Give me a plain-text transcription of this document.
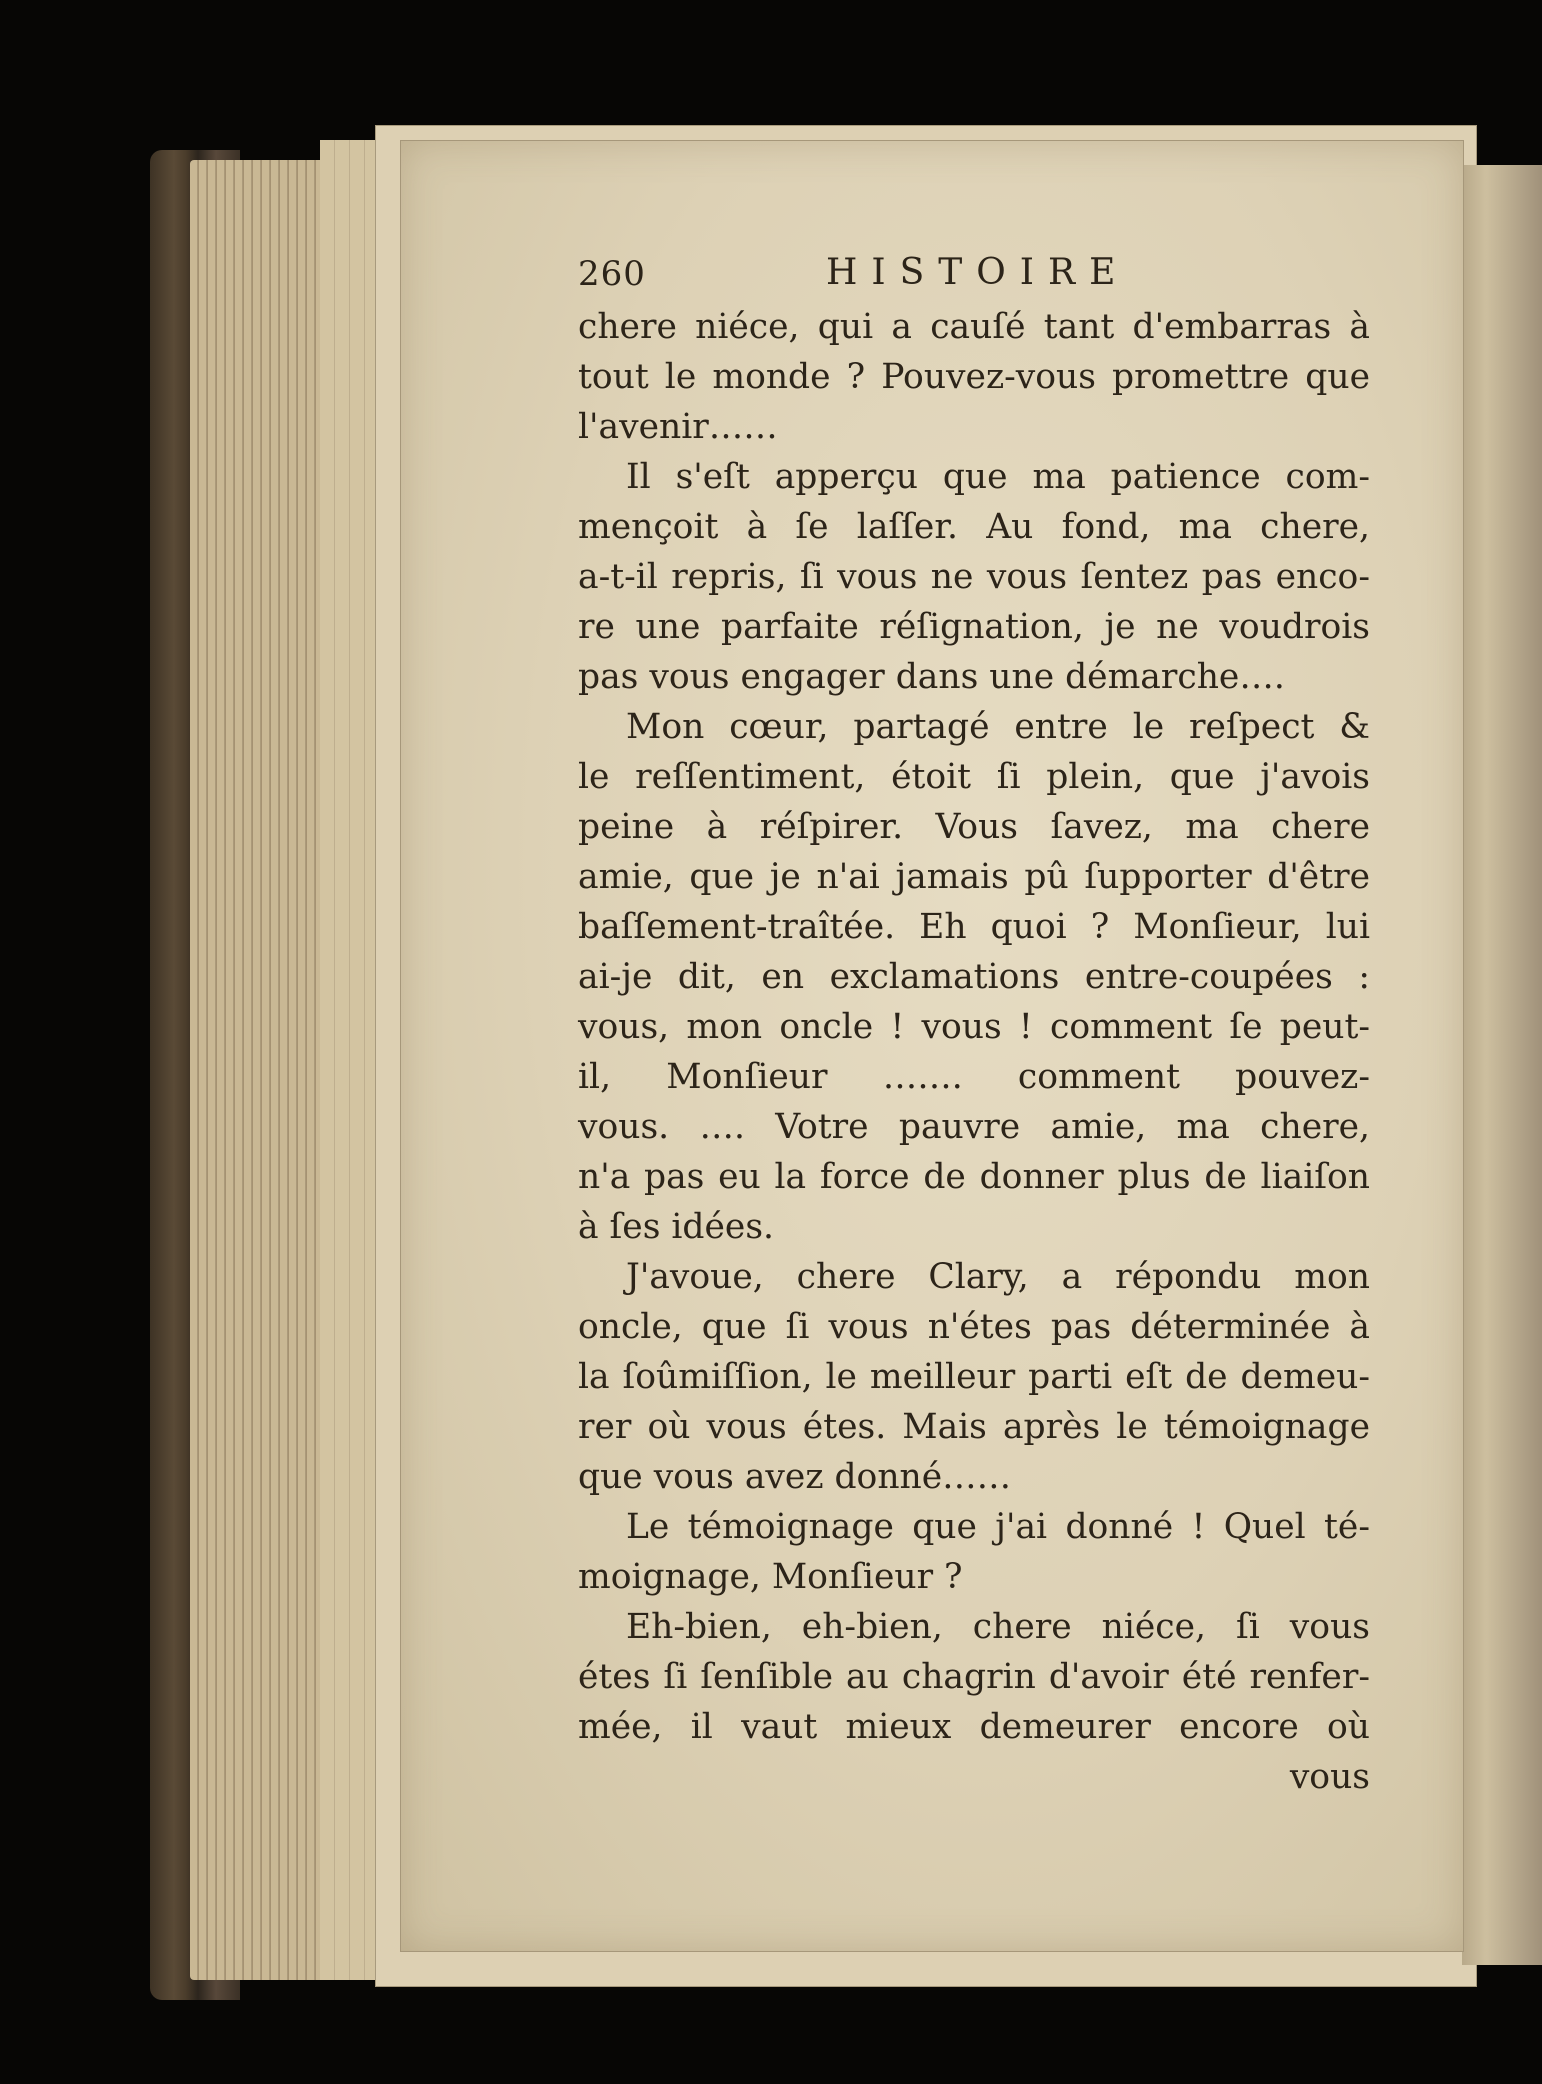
260	HISTOIRE
chere niéce, qui a cauſé tant d'embarras à
tout le monde ? Pouvez-vous promettre que
l'avenir……
Il s'eſt apperçu que ma patience com-
mençoit à ſe laſſer. Au fond, ma chere,
a-t-il repris, ſi vous ne vous ſentez pas enco-
re une parfaite réſignation, je ne voudrois
pas vous engager dans une démarche….
Mon cœur, partagé entre le reſpect &
le reſſentiment, étoit ſi plein, que j'avois
peine à réſpirer. Vous ſavez, ma chere
amie, que je n'ai jamais pû ſupporter d'être
baſſement-traîtée. Eh quoi ? Monſieur, lui
ai-je dit, en exclamations entre-coupées :
vous, mon oncle ! vous ! comment ſe peut-
il, Monſieur ……. comment pouvez-
vous. …. Votre pauvre amie, ma chere,
n'a pas eu la force de donner plus de liaiſon
à ſes idées.
J'avoue, chere Clary, a répondu mon
oncle, que ſi vous n'étes pas déterminée à
la ſoûmiſſion, le meilleur parti eſt de demeu-
rer où vous étes. Mais après le témoignage
que vous avez donné……
Le témoignage que j'ai donné ! Quel té-
moignage, Monſieur ?
Eh-bien, eh-bien, chere niéce, ſi vous
étes ſi ſenſible au chagrin d'avoir été renfer-
mée, il vaut mieux demeurer encore où
vous
